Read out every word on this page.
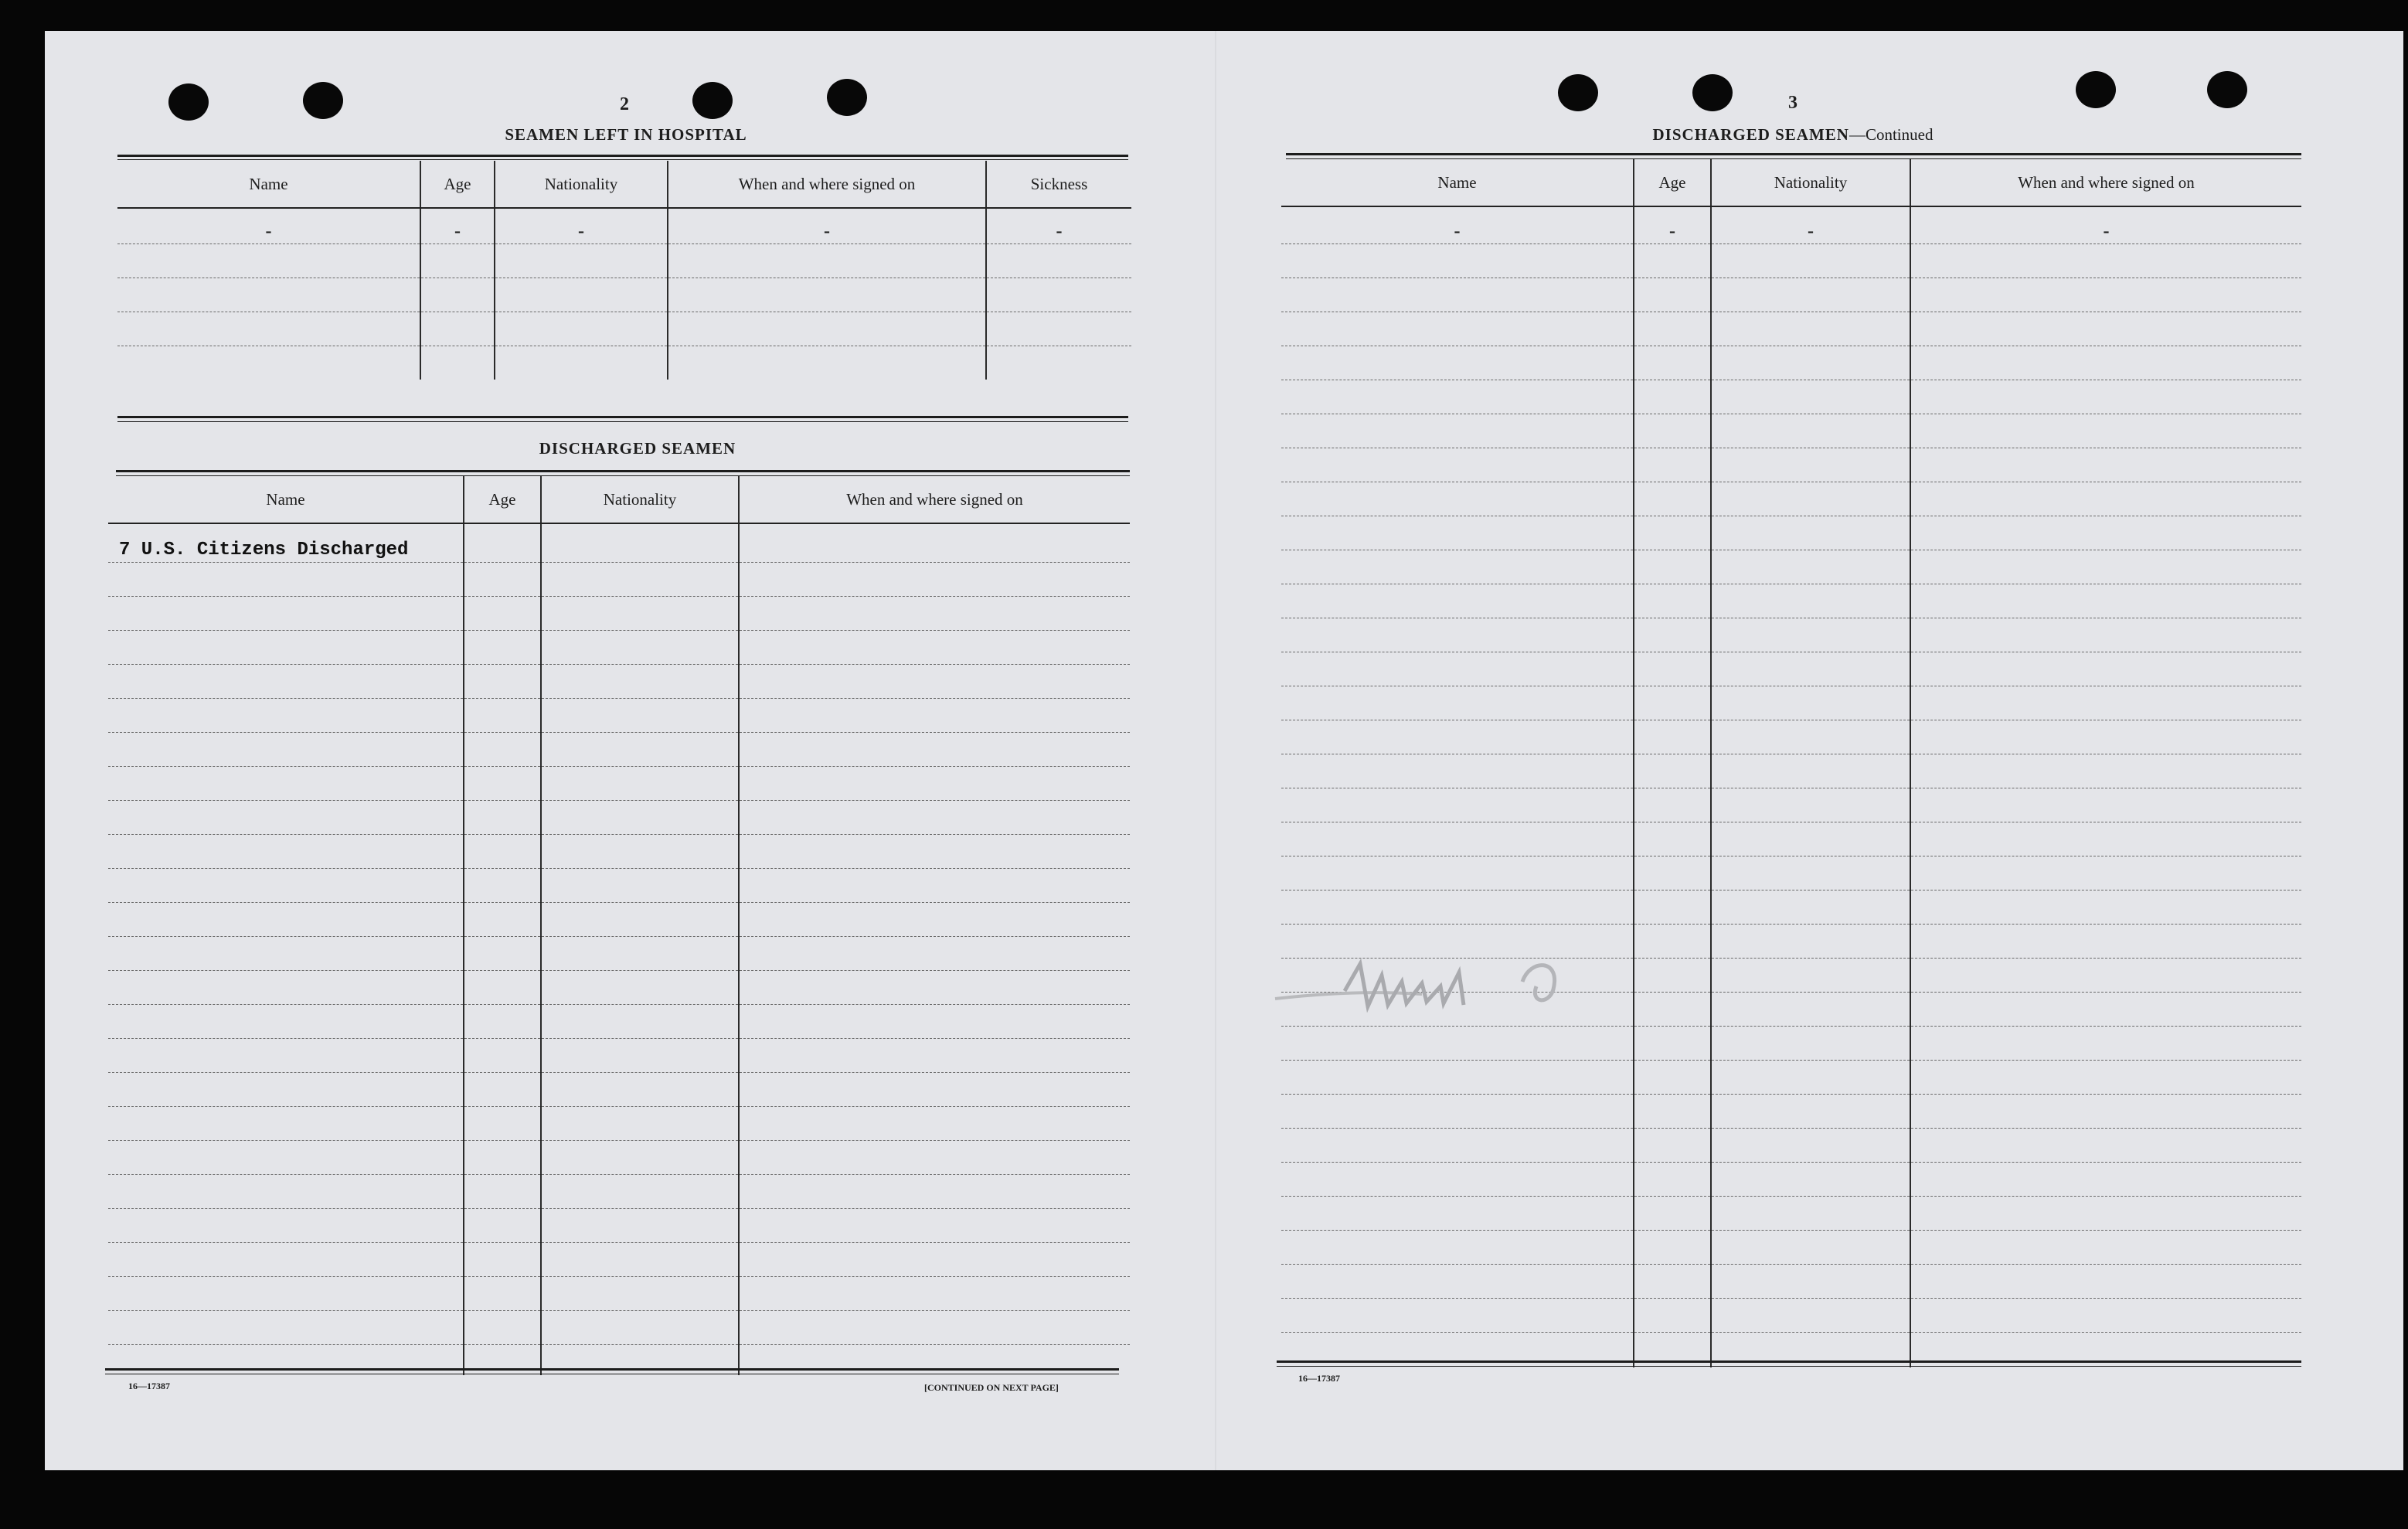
2
SEAMEN LEFT IN HOSPITAL
Name	Age	Nationality	When and where signed on	Sickness
-	-	-	-	-

DISCHARGED SEAMEN
Name	Age	Nationality	When and where signed on
7 U.S. Citizens Discharged			

16—17387	[CONTINUED ON NEXT PAGE]
3
DISCHARGED SEAMEN—Continued
Name	Age	Nationality	When and where signed on
-	-	-	-

16—17387
